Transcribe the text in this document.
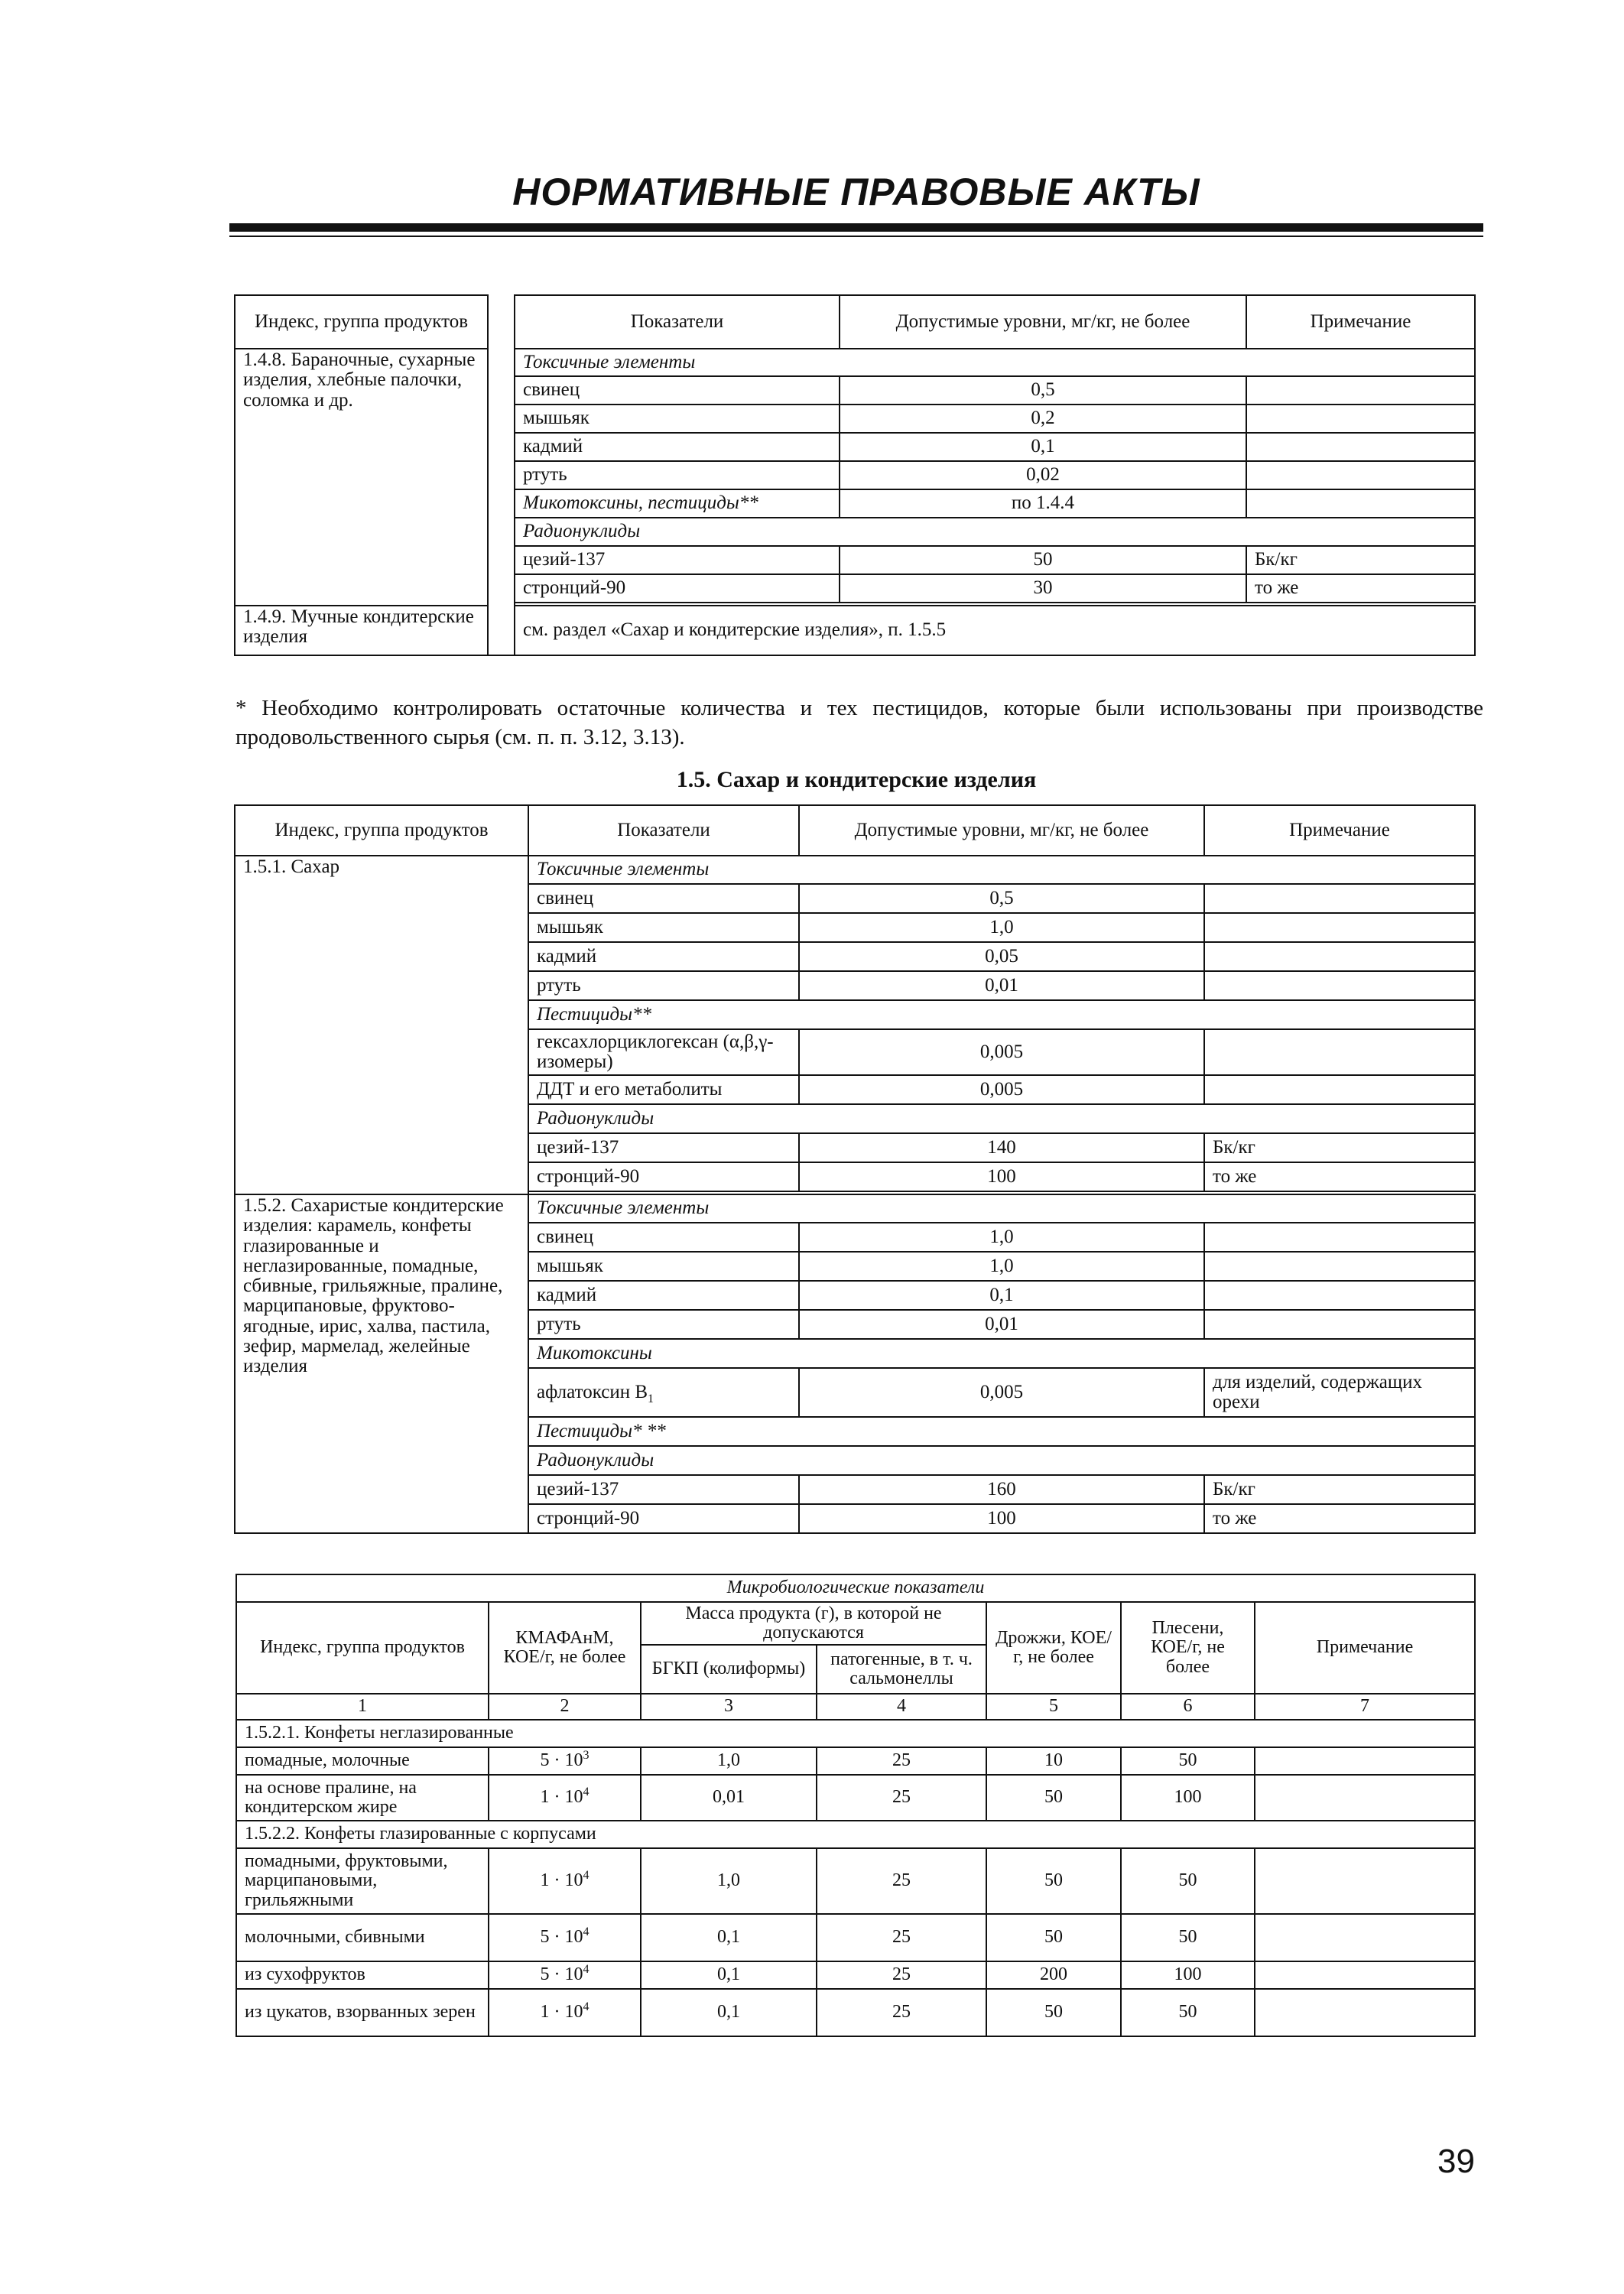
НОРМАТИВНЫЕ ПРАВОВЫЕ АКТЫ
Индекс, группа продуктов		Показатели	Допустимые уровни, мг/кг, не более	Примечание
1.4.8. Бараночные, сухарные изделия, хлебные палочки, соломка и др.		Токсичные элементы		
		свинец	0,5	
		мышьяк	0,2	
		кадмий	0,1	
		ртуть	0,02	
		Микотоксины, пестициды**	по 1.4.4	
		Радионуклиды		
		цезий-137	50	Бк/кг
		стронций-90	30	то же

1.4.9. Мучные кондитерские изделия		см. раздел «Сахар и кондитерские изделия», п. 1.5.5		
* Необходимо контролировать остаточные количества и тех пестицидов, которые были использованы при производстве продовольственного сырья (см. п. п. 3.12, 3.13).
1.5. Сахар и кондитерские изделия
Индекс, группа продуктов	Показатели	Допустимые уровни, мг/кг, не более	Примечание
1.5.1. Сахар	Токсичные элементы		
	свинец	0,5	
	мышьяк	1,0	
	кадмий	0,05	
	ртуть	0,01	
	Пестициды**		
	гексахлорциклогексан (α,β,γ-изомеры)	0,005	
	ДДТ и его метаболиты	0,005	
	Радионуклиды		
	цезий-137	140	Бк/кг
	стронций-90	100	то же

1.5.2. Сахаристые кондитерские изделия: карамель, конфеты глазированные и неглазированные, помадные, сбивные, грильяжные, пралине, марципановые, фруктово-ягодные, ирис, халва, пастила, зефир, мармелад, желейные изделия	Токсичные элементы		
	свинец	1,0	
	мышьяк	1,0	
	кадмий	0,1	
	ртуть	0,01	
	Микотоксины		
	афлатоксин $B_1$	0,005	для изделий, содержащих орехи
	Пестициды* **		
	Радионуклиды		
	цезий-137	160	Бк/кг
	стронций-90	100	то же
Микробиологические показатели						
Индекс, группа продуктов	КМАФАнМ, КОЕ/г, не более	Масса продукта (г), в которой не допускаются		Дрожжи, КОЕ/г, не более	Плесени, КОЕ/г, не более	Примечание
		БГКП (колиформы)	патогенные, в т. ч. сальмонеллы			
1	2	3	4	5	6	7
1.5.2.1. Конфеты неглазированные						
помадные, молочные	$5 \cdot 10^3$	1,0	25	10	50	
на основе пралине, на кондитерском жире	$1 \cdot 10^4$	0,01	25	50	100	
1.5.2.2. Конфеты глазированные с корпусами						
помадными, фруктовыми, марципановыми, грильяжными	$1 \cdot 10^4$	1,0	25	50	50	
молочными, сбивными	$5 \cdot 10^4$	0,1	25	50	50	
из сухофруктов	$5 \cdot 10^4$	0,1	25	200	100	
из цукатов, взорванных зерен	$1 \cdot 10^4$	0,1	25	50	50	
39
